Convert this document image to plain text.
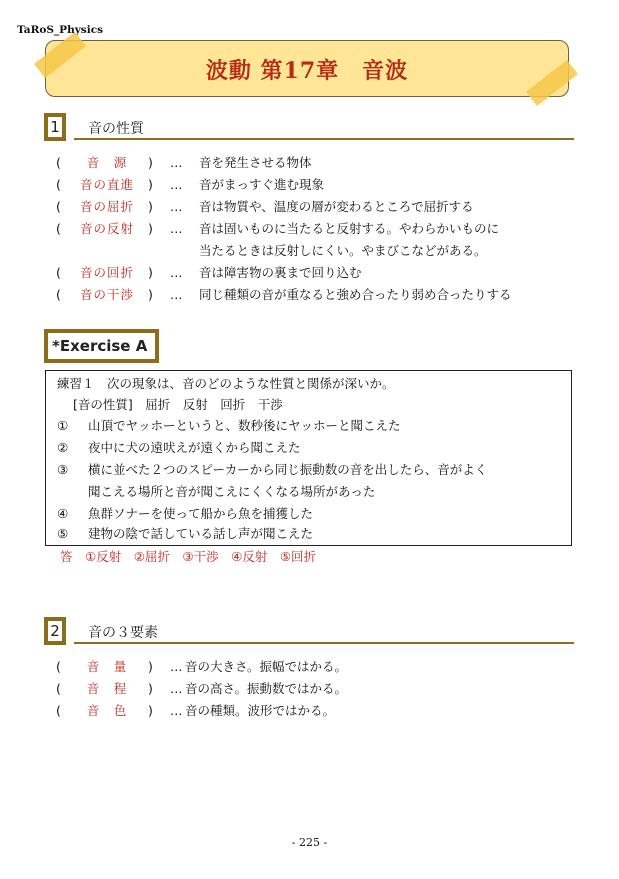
TaRoS_Physics
波動 第17章　音波
1	音の性質
(	音　源	) … 音を発生させる物体
(	音の直進	) … 音がまっすぐ進む現象
(	音の屈折	) … 音は物質や、温度の層が変わるところで屈折する
(	音の反射	) … 音は固いものに当たると反射する。やわらかいものに
当たるときは反射しにくい。やまびこなどがある。
(	音の回折	) … 音は障害物の裏まで回り込む
(	音の干渉	) … 同じ種類の音が重なると強め合ったり弱め合ったりする
*Exercise A
練習１　次の現象は、音のどのような性質と関係が深いか。
[音の性質]　屈折　反射　回折　干渉
① 山頂でヤッホーというと、数秒後にヤッホーと聞こえた
② 夜中に犬の遠吠えが遠くから聞こえた
③ 横に並べた２つのスピーカーから同じ振動数の音を出したら、音がよく
聞こえる場所と音が聞こえにくくなる場所があった
④ 魚群ソナーを使って船から魚を捕獲した
⑤ 建物の陰で話している話し声が聞こえた
答　①反射　②屈折　③干渉　④反射　⑤回折
2	音の３要素
(	音　量	) … 音の大きさ。振幅ではかる。
(	音　程	) … 音の高さ。振動数ではかる。
(	音　色	) … 音の種類。波形ではかる。
- 225 -
